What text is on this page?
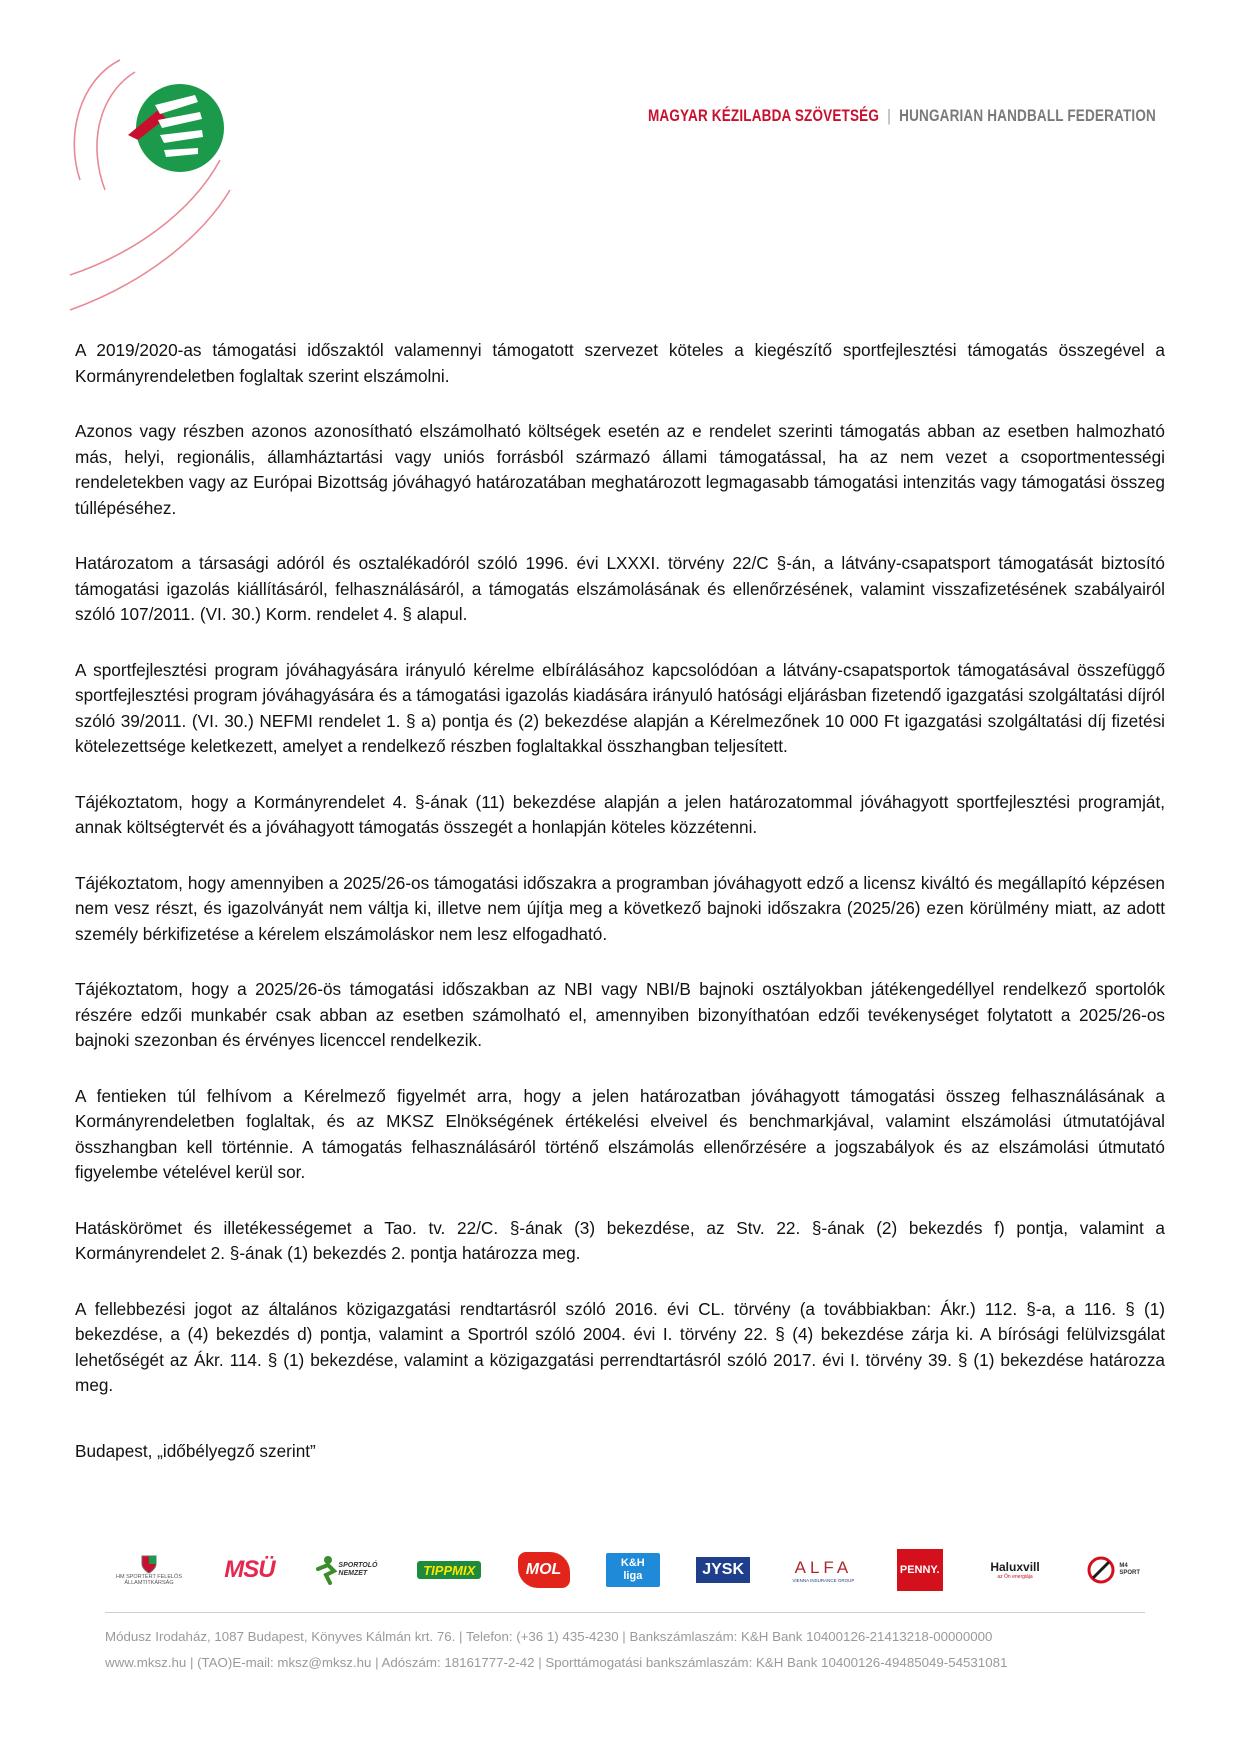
MAGYAR KÉZILABDA SZÖVETSÉG | HUNGARIAN HANDBALL FEDERATION

A 2019/2020-as támogatási időszaktól valamennyi támogatott szervezet köteles a kiegészítő sportfejlesztési támogatás összegével a Kormányrendeletben foglaltak szerint elszámolni.

Azonos vagy részben azonos azonosítható elszámolható költségek esetén az e rendelet szerinti támogatás abban az esetben halmozható más, helyi, regionális, államháztartási vagy uniós forrásból származó állami támogatással, ha az nem vezet a csoportmentességi rendeletekben vagy az Európai Bizottság jóváhagyó határozatában meghatározott legmagasabb támogatási intenzitás vagy támogatási összeg túllépéséhez.

Határozatom a társasági adóról és osztalékadóról szóló 1996. évi LXXXI. törvény 22/C §-án, a látvány-csapatsport támogatását biztosító támogatási igazolás kiállításáról, felhasználásáról, a támogatás elszámolásának és ellenőrzésének, valamint visszafizetésének szabályairól szóló 107/2011. (VI. 30.) Korm. rendelet 4. § alapul.

A sportfejlesztési program jóváhagyására irányuló kérelme elbírálásához kapcsolódóan a látvány-csapatsportok támogatásával összefüggő sportfejlesztési program jóváhagyására és a támogatási igazolás kiadására irányuló hatósági eljárásban fizetendő igazgatási szolgáltatási díjról szóló 39/2011. (VI. 30.) NEFMI rendelet 1. § a) pontja és (2) bekezdése alapján a Kérelmezőnek 10 000 Ft igazgatási szolgáltatási díj fizetési kötelezettsége keletkezett, amelyet a rendelkező részben foglaltakkal összhangban teljesített.

Tájékoztatom, hogy a Kormányrendelet 4. §-ának (11) bekezdése alapján a jelen határozatommal jóváhagyott sportfejlesztési programját, annak költségtervét és a jóváhagyott támogatás összegét a honlapján köteles közzétenni.

Tájékoztatom, hogy amennyiben a 2025/26-os támogatási időszakra a programban jóváhagyott edző a licensz kiváltó és megállapító képzésen nem vesz részt, és igazolványát nem váltja ki, illetve nem újítja meg a következő bajnoki időszakra (2025/26) ezen körülmény miatt, az adott személy bérkifizetése a kérelem elszámoláskor nem lesz elfogadható.

Tájékoztatom, hogy a 2025/26-ös támogatási időszakban az NBI vagy NBI/B bajnoki osztályokban játékengedéllyel rendelkező sportolók részére edzői munkabér csak abban az esetben számolható el, amennyiben bizonyíthatóan edzői tevékenységet folytatott a 2025/26-os bajnoki szezonban és érvényes licenccel rendelkezik.

A fentieken túl felhívom a Kérelmező figyelmét arra, hogy a jelen határozatban jóváhagyott támogatási összeg felhasználásának a Kormányrendeletben foglaltak, és az MKSZ Elnökségének értékelési elveivel és benchmarkjával, valamint elszámolási útmutatójával összhangban kell történnie. A támogatás felhasználásáról történő elszámolás ellenőrzésére a jogszabályok és az elszámolási útmutató figyelembe vételével kerül sor.

Hatáskörömet és illetékességemet a Tao. tv. 22/C. §-ának (3) bekezdése, az Stv. 22. §-ának (2) bekezdés f) pontja, valamint a Kormányrendelet 2. §-ának (1) bekezdés 2. pontja határozza meg.

A fellebbezési jogot az általános közigazgatási rendtartásról szóló 2016. évi CL. törvény (a továbbiakban: Ákr.) 112. §-a, a 116. § (1) bekezdése, a (4) bekezdés d) pontja, valamint a Sportról szóló 2004. évi I. törvény 22. § (4) bekezdése zárja ki. A bírósági felülvizsgálat lehetőségét az Ákr. 114. § (1) bekezdése, valamint a közigazgatási perrendtartásról szóló 2017. évi I. törvény 39. § (1) bekezdése határozza meg.

Budapest, „időbélyegző szerint”

HM SPORTÉRT FELELŐS
ÁLLAMTITKÁRSÁG MSÜ	SPORTOLÓ
NEMZET	TIPPMIX	MOL	K&H
liga	JYSK	ALFA
VIENNA INSURANCE GROUP
PENNY.	Haluxvill
az Ön energiája
M4
SPORT
Módusz Irodaház, 1087 Budapest, Könyves Kálmán krt. 76. | Telefon: (+36 1) 435-4230 | Bankszámlaszám: K&H Bank 10400126-21413218-00000000
www.mksz.hu | (TAO)E-mail: mksz@mksz.hu | Adószám: 18161777-2-42 | Sporttámogatási bankszámlaszám: K&H Bank 10400126-49485049-54531081
